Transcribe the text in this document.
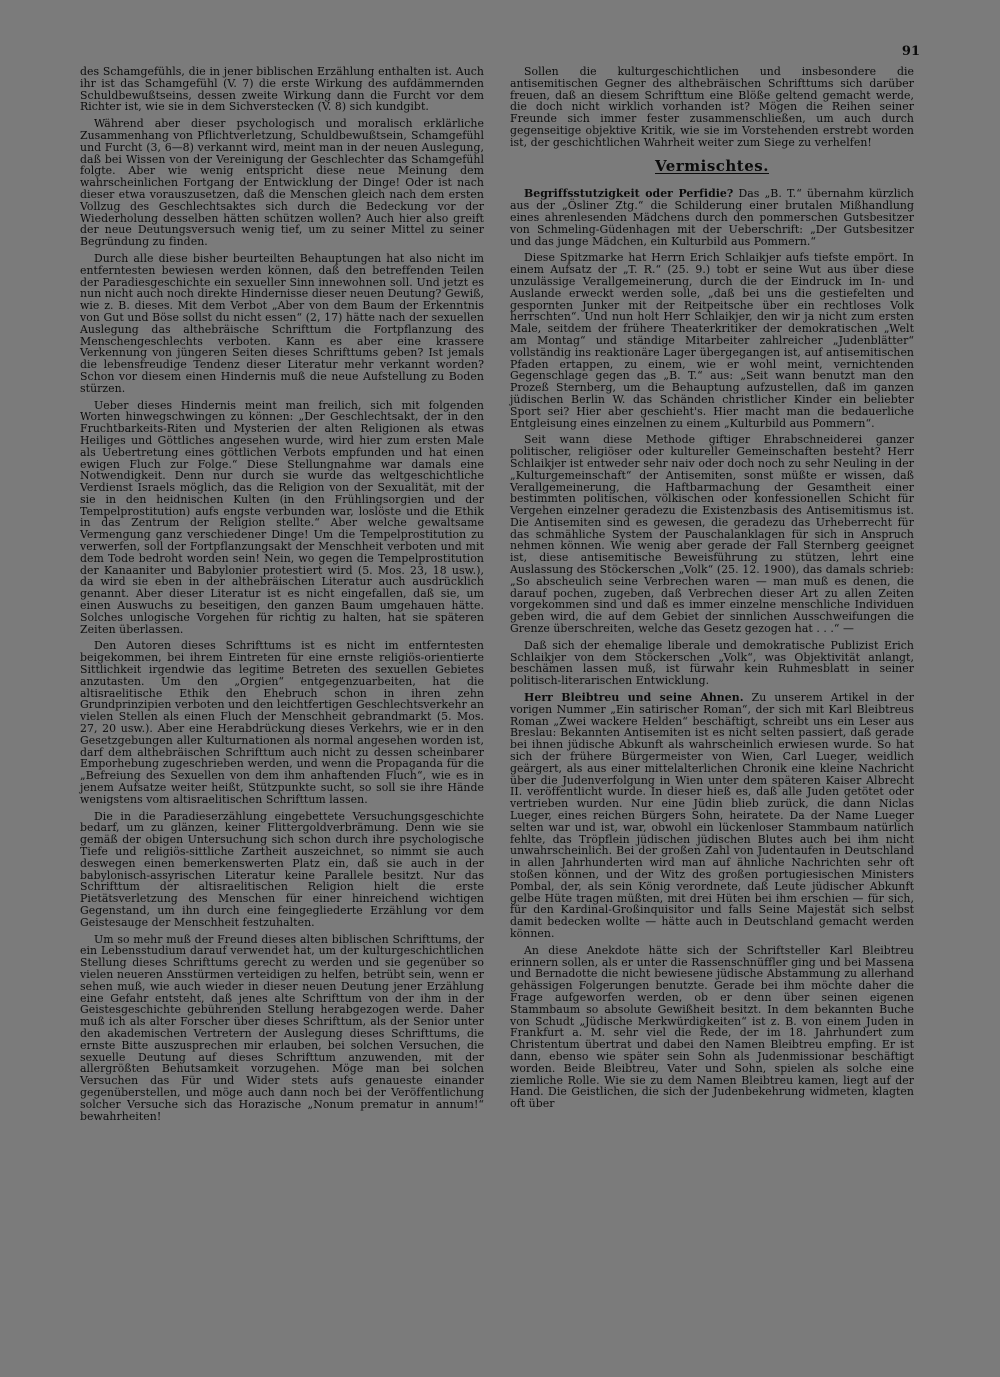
91

des Schamgefühls, die in jener biblischen Erzählung enthalten ist. Auch ihr ist das Schamgefühl (V. 7) die erste Wirkung des aufdämmernden Schuldbewußtseins, dessen zweite Wirkung dann die Furcht vor dem Richter ist, wie sie in dem Sichverstecken (V. 8) sich kundgibt.

Während aber dieser psychologisch und moralisch erklärliche Zusammenhang von Pflichtverletzung, Schuldbewußtsein, Schamgefühl und Furcht (3, 6—8) verkannt wird, meint man in der neuen Auslegung, daß bei Wissen von der Vereinigung der Geschlechter das Schamgefühl folgte. Aber wie wenig entspricht diese neue Meinung dem wahrscheinlichen Fortgang der Entwicklung der Dinge! Oder ist nach dieser etwa vorauszusetzen, daß die Menschen gleich nach dem ersten Vollzug des Geschlechtsaktes sich durch die Bedeckung vor der Wiederholung desselben hätten schützen wollen? Auch hier also greift der neue Deutungsversuch wenig tief, um zu seiner Mittel zu seiner Begründung zu finden.

Durch alle diese bisher beurteilten Behauptungen hat also nicht im entferntesten bewiesen werden können, daß den betreffenden Teilen der Paradiesgeschichte ein sexueller Sinn innewohnen soll. Und jetzt es nun nicht auch noch direkte Hindernisse dieser neuen Deutung? Gewiß, wie z. B. dieses. Mit dem Verbot „Aber von dem Baum der Erkenntnis von Gut und Böse sollst du nicht essen“ (2, 17) hätte nach der sexuellen Auslegung das althebräische Schrifttum die Fortpflanzung des Menschengeschlechts verboten. Kann es aber eine krassere Verkennung von jüngeren Seiten dieses Schrifttums geben? Ist jemals die lebensfreudige Tendenz dieser Literatur mehr verkannt worden? Schon vor diesem einen Hindernis muß die neue Aufstellung zu Boden stürzen.

Ueber dieses Hindernis meint man freilich, sich mit folgenden Worten hinwegschwingen zu können: „Der Geschlechtsakt, der in den Fruchtbarkeits-Riten und Mysterien der alten Religionen als etwas Heiliges und Göttliches angesehen wurde, wird hier zum ersten Male als Uebertretung eines göttlichen Verbots empfunden und hat einen ewigen Fluch zur Folge.“ Diese Stellungnahme war damals eine Notwendigkeit. Denn nur durch sie wurde das weltgeschichtliche Verdienst Israels möglich, das die Religion von der Sexualität, mit der sie in den heidnischen Kulten (in den Frühlingsorgien und der Tempelprostitution) aufs engste verbunden war, loslöste und die Ethik in das Zentrum der Religion stellte.“ Aber welche gewaltsame Vermengung ganz verschiedener Dinge! Um die Tempelprostitution zu verwerfen, soll der Fortpflanzungsakt der Menschheit verboten und mit dem Tode bedroht worden sein! Nein, wo gegen die Tempelprostitution der Kanaaniter und Babylonier protestiert wird (5. Mos. 23, 18 usw.), da wird sie eben in der althebräischen Literatur auch ausdrücklich genannt. Aber dieser Literatur ist es nicht eingefallen, daß sie, um einen Auswuchs zu beseitigen, den ganzen Baum umgehauen hätte. Solches unlogische Vorgehen für richtig zu halten, hat sie späteren Zeiten überlassen.

Den Autoren dieses Schrifttums ist es nicht im entferntesten beigekommen, bei ihrem Eintreten für eine ernste religiös-orientierte Sittlichkeit irgendwie das legitime Betreten des sexuellen Gebietes anzutasten. Um den „Orgien“ entgegenzuarbeiten, hat die altisraelitische Ethik den Ehebruch schon in ihren zehn Grundprinzipien verboten und den leichtfertigen Geschlechtsverkehr an vielen Stellen als einen Fluch der Menschheit gebrandmarkt (5. Mos. 27, 20 usw.). Aber eine Herabdrückung dieses Verkehrs, wie er in den Gesetzgebungen aller Kulturnationen als normal angesehen worden ist, darf dem althebräischen Schrifttum auch nicht zu dessen scheinbarer Emporhebung zugeschrieben werden, und wenn die Propaganda für die „Befreiung des Sexuellen von dem ihm anhaftenden Fluch“, wie es in jenem Aufsatze weiter heißt, Stützpunkte sucht, so soll sie ihre Hände wenigstens vom altisraelitischen Schrifttum lassen.

Die in die Paradieserzählung eingebettete Versuchungsgeschichte bedarf, um zu glänzen, keiner Flittergoldverbrämung. Denn wie sie gemäß der obigen Untersuchung sich schon durch ihre psychologische Tiefe und religiös-sittliche Zartheit auszeichnet, so nimmt sie auch deswegen einen bemerkenswerten Platz ein, daß sie auch in der babylonisch-assyrischen Literatur keine Parallele besitzt. Nur das Schrifttum der altisraelitischen Religion hielt die erste Pietätsverletzung des Menschen für einer hinreichend wichtigen Gegenstand, um ihn durch eine feingegliederte Erzählung vor dem Geistesauge der Menschheit festzuhalten.

Um so mehr muß der Freund dieses alten biblischen Schrifttums, der ein Lebensstudium darauf verwendet hat, um der kulturgeschichtlichen Stellung dieses Schrifttums gerecht zu werden und sie gegenüber so vielen neueren Ansstürmen verteidigen zu helfen, betrübt sein, wenn er sehen muß, wie auch wieder in dieser neuen Deutung jener Erzählung eine Gefahr entsteht, daß jenes alte Schrifttum von der ihm in der Geistesgeschichte gebührenden Stellung herabgezogen werde. Daher muß ich als alter Forscher über dieses Schrifttum, als der Senior unter den akademischen Vertretern der Auslegung dieses Schrifttums, die ernste Bitte auszusprechen mir erlauben, bei solchen Versuchen, die sexuelle Deutung auf dieses Schrifttum anzuwenden, mit der allergrößten Behutsamkeit vorzugehen. Möge man bei solchen Versuchen das Für und Wider stets aufs genaueste einander gegenüberstellen, und möge auch dann noch bei der Veröffentlichung solcher Versuche sich das Horazische „Nonum prematur in annum!“ bewahrheiten!

Sollen die kulturgeschichtlichen und insbesondere die antisemitischen Gegner des althebräischen Schrifttums sich darüber freuen, daß an diesem Schrifttum eine Blöße geltend gemacht werde, die doch nicht wirklich vorhanden ist? Mögen die Reihen seiner Freunde sich immer fester zusammenschließen, um auch durch gegenseitige objektive Kritik, wie sie im Vorstehenden erstrebt worden ist, der geschichtlichen Wahrheit weiter zum Siege zu verhelfen!

Vermischtes.

Begriffsstutzigkeit oder Perfidie? Das „B. T.“ übernahm kürzlich aus der „Ösliner Ztg.“ die Schilderung einer brutalen Mißhandlung eines ahrenlesenden Mädchens durch den pommerschen Gutsbesitzer von Schmeling-Güdenhagen mit der Ueberschrift: „Der Gutsbesitzer und das junge Mädchen, ein Kulturbild aus Pommern.“

Diese Spitzmarke hat Herrn Erich Schlaikjer aufs tiefste empört. In einem Aufsatz der „T. R.“ (25. 9.) tobt er seine Wut aus über diese unzulässige Verallgemeinerung, durch die der Eindruck im In- und Auslande erweckt werden solle, „daß bei uns die gestiefelten und gespornten Junker mit der Reitpeitsche über ein rechtloses Volk herrschten“. Und nun holt Herr Schlaikjer, den wir ja nicht zum ersten Male, seitdem der frühere Theaterkritiker der demokratischen „Welt am Montag“ und ständige Mitarbeiter zahlreicher „Judenblätter“ vollständig ins reaktionäre Lager übergegangen ist, auf antisemitischen Pfaden ertappen, zu einem, wie er wohl meint, vernichtenden Gegenschlage gegen das „B. T.“ aus: „Seit wann benutzt man den Prozeß Sternberg, um die Behauptung aufzustellen, daß im ganzen jüdischen Berlin W. das Schänden christlicher Kinder ein beliebter Sport sei? Hier aber geschieht's. Hier macht man die bedauerliche Entgleisung eines einzelnen zu einem „Kulturbild aus Pommern“.

Seit wann diese Methode giftiger Ehrabschneiderei ganzer politischer, religiöser oder kultureller Gemeinschaften besteht? Herr Schlaikjer ist entweder sehr naiv oder doch noch zu sehr Neuling in der „Kulturgemeinschaft“ der Antisemiten, sonst müßte er wissen, daß Verallgemeinerung, die Haftbarmachung der Gesamtheit einer bestimmten politischen, völkischen oder konfessionellen Schicht für Vergehen einzelner geradezu die Existenzbasis des Antisemitismus ist. Die Antisemiten sind es gewesen, die geradezu das Urheberrecht für das schmähliche System der Pauschalanklagen für sich in Anspruch nehmen können. Wie wenig aber gerade der Fall Sternberg geeignet ist, diese antisemitische Beweisführung zu stützen, lehrt eine Auslassung des Stöckerschen „Volk“ (25. 12. 1900), das damals schrieb: „So abscheulich seine Verbrechen waren — man muß es denen, die darauf pochen, zugeben, daß Verbrechen dieser Art zu allen Zeiten vorgekommen sind und daß es immer einzelne menschliche Individuen geben wird, die auf dem Gebiet der sinnlichen Ausschweifungen die Grenze überschreiten, welche das Gesetz gezogen hat . . .“ —

Daß sich der ehemalige liberale und demokratische Publizist Erich Schlaikjer von dem Stöckerschen „Volk“, was Objektivität anlangt, beschämen lassen muß, ist fürwahr kein Ruhmesblatt in seiner politisch-literarischen Entwicklung.

Herr Bleibtreu und seine Ahnen. Zu unserem Artikel in der vorigen Nummer „Ein satirischer Roman“, der sich mit Karl Bleibtreus Roman „Zwei wackere Helden“ beschäftigt, schreibt uns ein Leser aus Breslau: Bekannten Antisemiten ist es nicht selten passiert, daß gerade bei ihnen jüdische Abkunft als wahrscheinlich erwiesen wurde. So hat sich der frühere Bürgermeister von Wien, Carl Lueger, weidlich geärgert, als aus einer mittelalterlichen Chronik eine kleine Nachricht über die Judenverfolgung in Wien unter dem späteren Kaiser Albrecht II. veröffentlicht wurde. In dieser hieß es, daß alle Juden getötet oder vertrieben wurden. Nur eine Jüdin blieb zurück, die dann Niclas Lueger, eines reichen Bürgers Sohn, heiratete. Da der Name Lueger selten war und ist, war, obwohl ein lückenloser Stammbaum natürlich fehlte, das Tröpflein jüdischen jüdischen Blutes auch bei ihm nicht unwahrscheinlich. Bei der großen Zahl von Judentaufen in Deutschland in allen Jahrhunderten wird man auf ähnliche Nachrichten sehr oft stoßen können, und der Witz des großen portugiesischen Ministers Pombal, der, als sein König verordnete, daß Leute jüdischer Abkunft gelbe Hüte tragen müßten, mit drei Hüten bei ihm erschien — für sich, für den Kardinal-Großinquisitor und falls Seine Majestät sich selbst damit bedecken wollte — hätte auch in Deutschland gemacht werden können.

An diese Anekdote hätte sich der Schriftsteller Karl Bleibtreu erinnern sollen, als er unter die Rassenschnüffler ging und bei Massena und Bernadotte die nicht bewiesene jüdische Abstammung zu allerhand gehässigen Folgerungen benutzte. Gerade bei ihm möchte daher die Frage aufgeworfen werden, ob er denn über seinen eigenen Stammbaum so absolute Gewißheit besitzt. In dem bekannten Buche von Schudt „Jüdische Merkwürdigkeiten“ ist z. B. von einem Juden in Frankfurt a. M. sehr viel die Rede, der im 18. Jahrhundert zum Christentum übertrat und dabei den Namen Bleibtreu empfing. Er ist dann, ebenso wie später sein Sohn als Judenmissionar beschäftigt worden. Beide Bleibtreu, Vater und Sohn, spielen als solche eine ziemliche Rolle. Wie sie zu dem Namen Bleibtreu kamen, liegt auf der Hand. Die Geistlichen, die sich der Judenbekehrung widmeten, klagten oft über
